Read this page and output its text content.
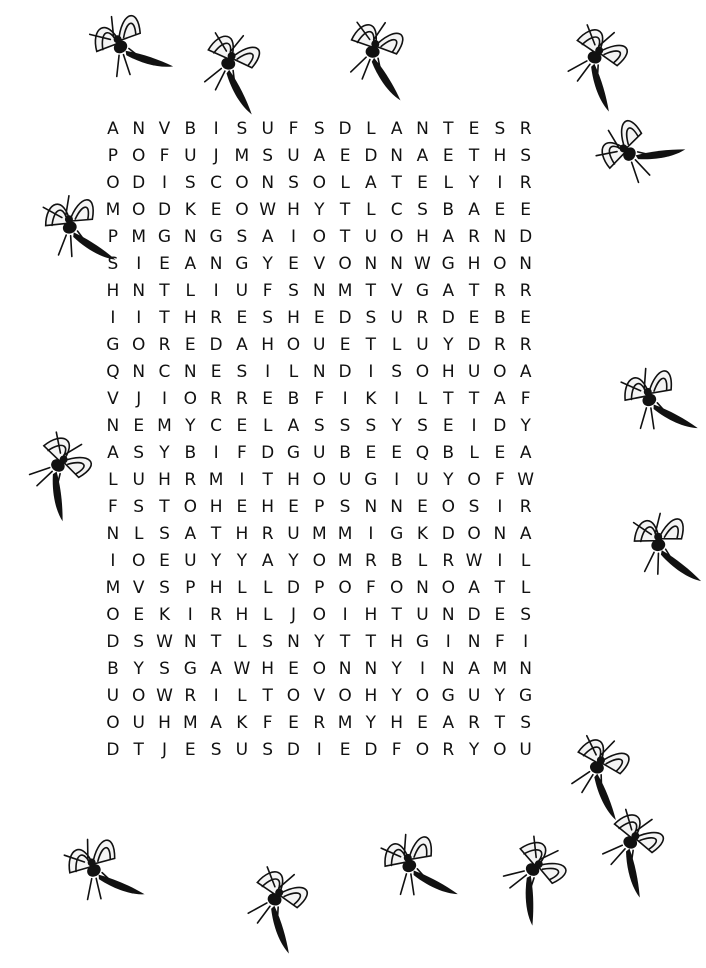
A N V B	I	S U F S D L A N T E S R
P O F U	J M S U A E D N A E T H S
O D I	S C O N S O L A T E L Y	I	R
M O D K E O W H Y T L C S B A E E
P M G N G S A	I O T U O H A R N D
S	I	E A N G Y E V O N N W G H O N
H N T L	I	U F S N M T V G A T R R
I	I	T H R E S H E D S U R D E B E
G O R E D A H O U E T L U Y D R R
Q N C N E S	I	L N D I	S O H U O A
V	J	I O R R E B F	I	K	I	L T T A F
N E M Y C E L A S S S Y S E	I D Y
A S Y B	I	F D G U B E E Q B L E A
L U H R M I	T H O U G I	U Y O F W
F S T O H E H E P S N N E O S	I	R
N L S A T H R U M M I G K D O N A
I O E U Y Y A Y O M R B L R W I	L
M V S P H L L D P O F O N O A T L
O E K	I	R H L	J O I H T U N D E S
D S W N T L S N Y T T H G I N F	I
B Y S G A W H E O N N Y	I N A M N
U O W R	I	L T O V O H Y O G U Y G
O U H M A K F E R M Y H E A R T S
D T	J	E S U S D I	E D F O R Y O U
